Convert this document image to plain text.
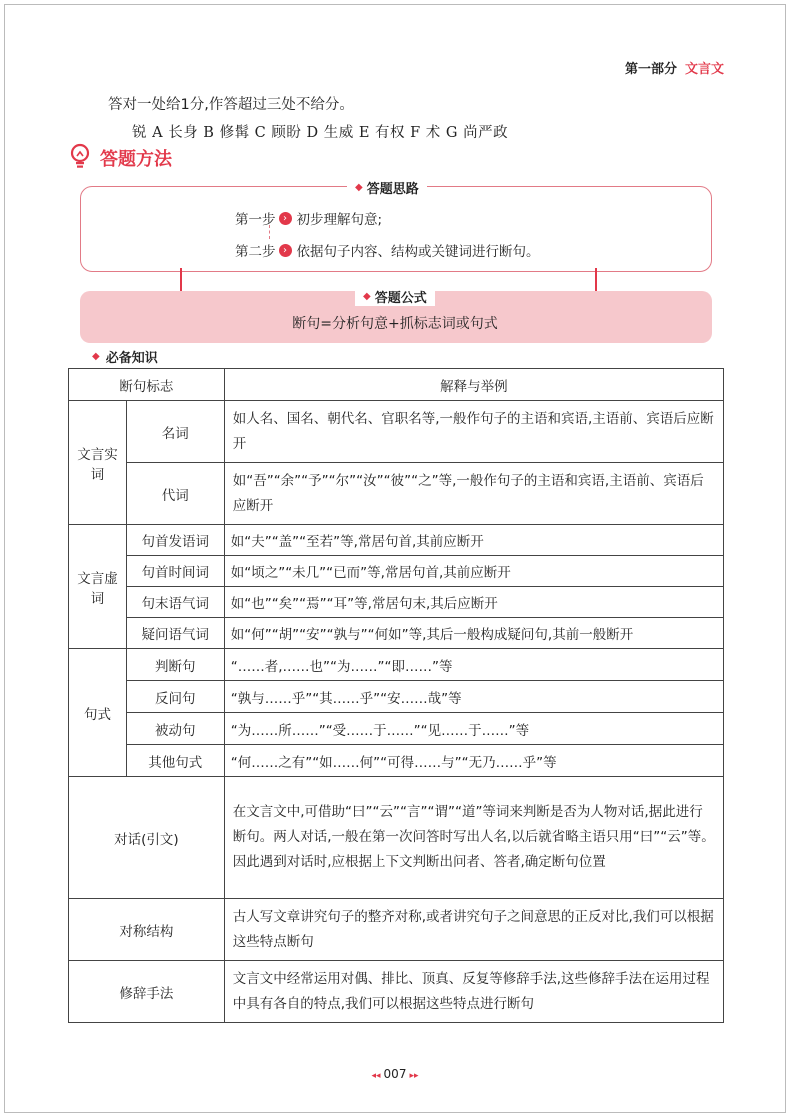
第一部分 文言文
答对一处给1分,作答超过三处不给分。
锐 A 长身 B 修髯 C 顾盼 D 生威 E 有权 F 术 G 尚严政
答题方法
◆ 答题思路
第一步 › 初步理解句意;
第二步 › 依据句子内容、结构或关键词进行断句。
◆ 答题公式
断句=分析句意+抓标志词或句式
◆ 必备知识
断句标志		解释与举例
文言实词	名词	如人名、国名、朝代名、官职名等,一般作句子的主语和宾语,主语前、宾语后应断开
	代词	如“吾”“余”“予”“尔”“汝”“彼”“之”等,一般作句子的主语和宾语,主语前、宾语后应断开
文言虚词	句首发语词	如“夫”“盖”“至若”等,常居句首,其前应断开
	句首时间词	如“顷之”“未几”“已而”等,常居句首,其前应断开
	句末语气词	如“也”“矣”“焉”“耳”等,常居句末,其后应断开
	疑问语气词	如“何”“胡”“安”“孰与”“何如”等,其后一般构成疑问句,其前一般断开
句式	判断句	“……者,……也”“为……”“即……”等
	反问句	“孰与……乎”“其……乎”“安……哉”等
	被动句	“为……所……”“受……于……”“见……于……”等
	其他句式	“何……之有”“如……何”“可得……与”“无乃……乎”等
对话(引文)		在文言文中,可借助“曰”“云”“言”“谓”“道”等词来判断是否为人物对话,据此进行断句。两人对话,一般在第一次问答时写出人名,以后就省略主语只用“曰”“云”等。因此遇到对话时,应根据上下文判断出问者、答者,确定断句位置
对称结构		古人写文章讲究句子的整齐对称,或者讲究句子之间意思的正反对比,我们可以根据这些特点断句
修辞手法		文言文中经常运用对偶、排比、顶真、反复等修辞手法,这些修辞手法在运用过程中具有各自的特点,我们可以根据这些特点进行断句
◂◂ 007 ▸▸
